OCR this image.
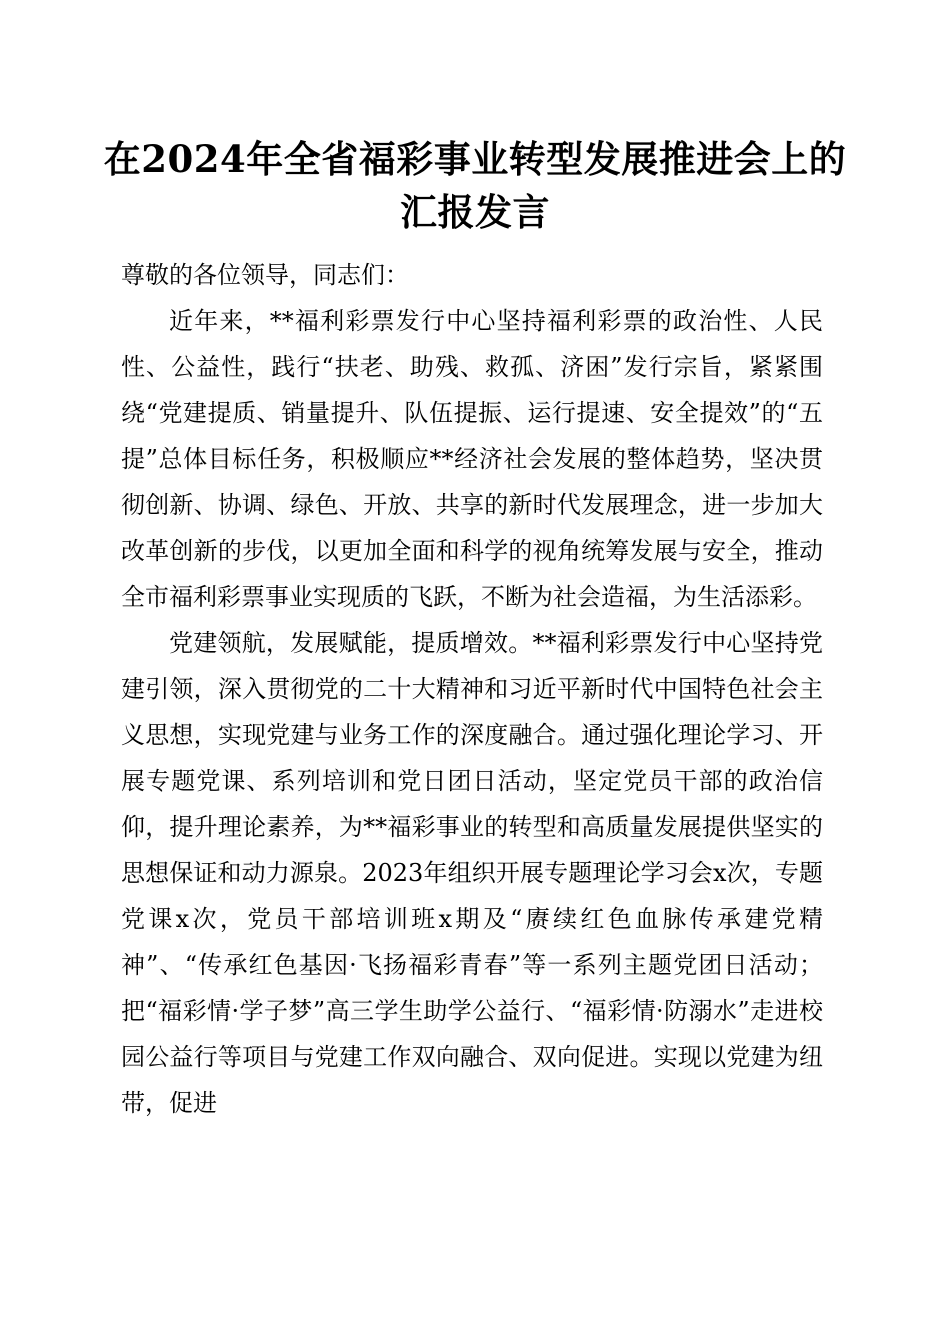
在2024年全省福彩事业转型发展推进会上的
汇报发言

尊敬的各位领导，同志们：

近年来，**福利彩票发行中心坚持福利彩票的政治性、人民性、公益性，践行“扶老、助残、救孤、济困”发行宗旨，紧紧围绕“党建提质、销量提升、队伍提振、运行提速、安全提效”的“五提”总体目标任务，积极顺应**经济社会发展的整体趋势，坚决贯彻创新、协调、绿色、开放、共享的新时代发展理念，进一步加大改革创新的步伐，以更加全面和科学的视角统筹发展与安全，推动全市福利彩票事业实现质的飞跃，不断为社会造福，为生活添彩。

党建领航，发展赋能，提质增效。**福利彩票发行中心坚持党建引领，深入贯彻党的二十大精神和习近平新时代中国特色社会主义思想，实现党建与业务工作的深度融合。通过强化理论学习、开展专题党课、系列培训和党日团日活动，坚定党员干部的政治信仰，提升理论素养，为**福彩事业的转型和高质量发展提供坚实的思想保证和动力源泉。2023年组织开展专题理论学习会x次，专题党课x次，党员干部培训班x期及“赓续红色血脉传承建党精神”、“传承红色基因·飞扬福彩青春”等一系列主题党团日活动；把“福彩情·学子梦”高三学生助学公益行、“福彩情·防溺水”走进校园公益行等项目与党建工作双向融合、双向促进。实现以党建为纽带，促进
